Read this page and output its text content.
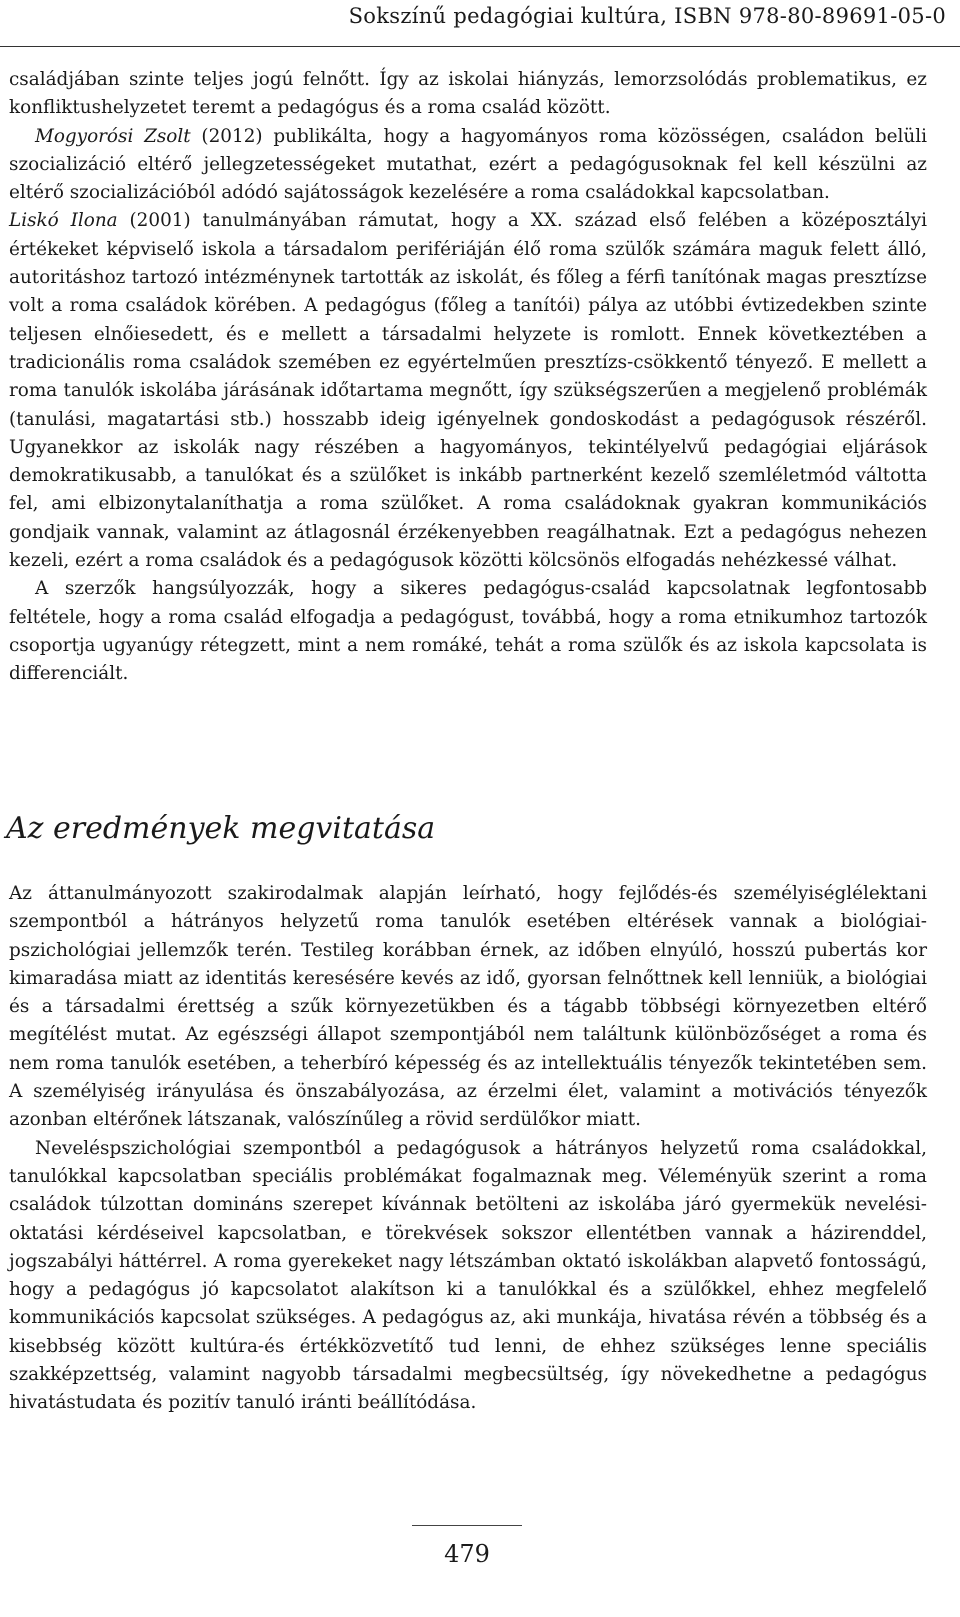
Sokszínű pedagógiai kultúra, ISBN 978-80-89691-05-0

családjában szinte teljes jogú felnőtt. Így az iskolai hiányzás, lemorzsolódás problematikus, ez konfliktushelyzetet teremt a pedagógus és a roma család között.

Mogyorósi Zsolt (2012) publikálta, hogy a hagyományos roma közösségen, családon belüli szocializáció eltérő jellegzetességeket mutathat, ezért a pedagógusoknak fel kell készülni az eltérő szocializációból adódó sajátosságok kezelésére a roma családokkal kapcsolatban.

Liskó Ilona (2001) tanulmányában rámutat, hogy a XX. század első felében a középosztályi értékeket képviselő iskola a társadalom perifériáján élő roma szülők számára maguk felett álló, autoritáshoz tartozó intézménynek tartották az iskolát, és főleg a férfi tanítónak magas presztízse volt a roma családok körében. A pedagógus (főleg a tanítói) pálya az utóbbi évtizedekben szinte teljesen elnőiesedett, és e mellett a társadalmi helyzete is romlott. Ennek következtében a tradicionális roma családok szemében ez egyértelműen presztízs-csökkentő tényező. E mellett a roma tanulók iskolába járásának időtartama megnőtt, így szükségszerűen a megjelenő problémák (tanulási, magatartási stb.) hosszabb ideig igényelnek gondoskodást a pedagógusok részéről. Ugyanekkor az iskolák nagy részében a hagyományos, tekintélyelvű pedagógiai eljárások demokratikusabb, a tanulókat és a szülőket is inkább partnerként kezelő szemléletmód váltotta fel, ami elbizonytalaníthatja a roma szülőket. A roma családoknak gyakran kommunikációs gondjaik vannak, valamint az átlagosnál érzékenyebben reagálhatnak. Ezt a pedagógus nehezen kezeli, ezért a roma családok és a pedagógusok közötti kölcsönös elfogadás nehézkessé válhat.

A szerzők hangsúlyozzák, hogy a sikeres pedagógus-család kapcsolatnak legfontosabb feltétele, hogy a roma család elfogadja a pedagógust, továbbá, hogy a roma etnikumhoz tartozók csoportja ugyanúgy rétegzett, mint a nem romáké, tehát a roma szülők és az iskola kapcsolata is differenciált.

Az eredmények megvitatása

Az áttanulmányozott szakirodalmak alapján leírható, hogy fejlődés-és személyiséglélektani szempontból a hátrányos helyzetű roma tanulók esetében eltérések vannak a biológiai-pszichológiai jellemzők terén. Testileg korábban érnek, az időben elnyúló, hosszú pubertás kor kimaradása miatt az identitás keresésére kevés az idő, gyorsan felnőttnek kell lenniük, a biológiai és a társadalmi érettség a szűk környezetükben és a tágabb többségi környezetben eltérő megítélést mutat. Az egészségi állapot szempontjából nem találtunk különbözőséget a roma és nem roma tanulók esetében, a teherbíró képesség és az intellektuális tényezők tekintetében sem. A személyiség irányulása és önszabályozása, az érzelmi élet, valamint a motivációs tényezők azonban eltérőnek látszanak, valószínűleg a rövid serdülőkor miatt.

Neveléspszichológiai szempontból a pedagógusok a hátrányos helyzetű roma családokkal, tanulókkal kapcsolatban speciális problémákat fogalmaznak meg. Véleményük szerint a roma családok túlzottan domináns szerepet kívánnak betölteni az iskolába járó gyermekük nevelési-oktatási kérdéseivel kapcsolatban, e törekvések sokszor ellentétben vannak a házirenddel, jogszabályi háttérrel. A roma gyerekeket nagy létszámban oktató iskolákban alapvető fontosságú, hogy a pedagógus jó kapcsolatot alakítson ki a tanulókkal és a szülőkkel, ehhez megfelelő kommunikációs kapcsolat szükséges. A pedagógus az, aki munkája, hivatása révén a többség és a kisebbség között kultúra-és értékközvetítő tud lenni, de ehhez szükséges lenne speciális szakképzettség, valamint nagyobb társadalmi megbecsültség, így növekedhetne a pedagógus hivatástudata és pozitív tanuló iránti beállítódása.

479
